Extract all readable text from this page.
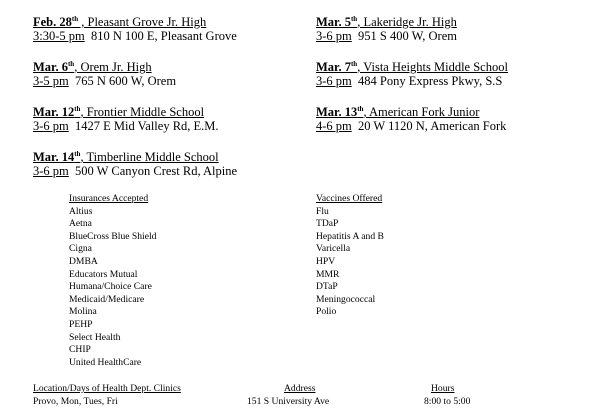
Feb. 28th , Pleasant Grove Jr. High
3:30-5 pm 810 N 100 E, Pleasant Grove
Mar. 5th, Lakeridge Jr. High
3-6 pm 951 S 400 W, Orem
Mar. 6th, Orem Jr. High
3-5 pm 765 N 600 W, Orem
Mar. 7th, Vista Heights Middle School
3-6 pm 484 Pony Express Pkwy, S.S
Mar. 12th, Frontier Middle School
3-6 pm 1427 E Mid Valley Rd, E.M.
Mar. 13th, American Fork Junior
4-6 pm 20 W 1120 N, American Fork
Mar. 14th, Timberline Middle School
3-6 pm 500 W Canyon Crest Rd, Alpine
Insurances Accepted
Altius
Aetna
BlueCross Blue Shield
Cigna
DMBA
Educators Mutual
Humana/Choice Care
Medicaid/Medicare
Molina
PEHP
Select Health
CHIP
United HealthCare
Vaccines Offered
Flu
TDaP
Hepatitis A and B
Varicella
HPV
MMR
DTaP
Meningococcal
Polio
Location/Days of Health Dept. Clinics	Address	Hours
Provo, Mon, Tues, Fri	151 S University Ave	8:00 to 5:00
